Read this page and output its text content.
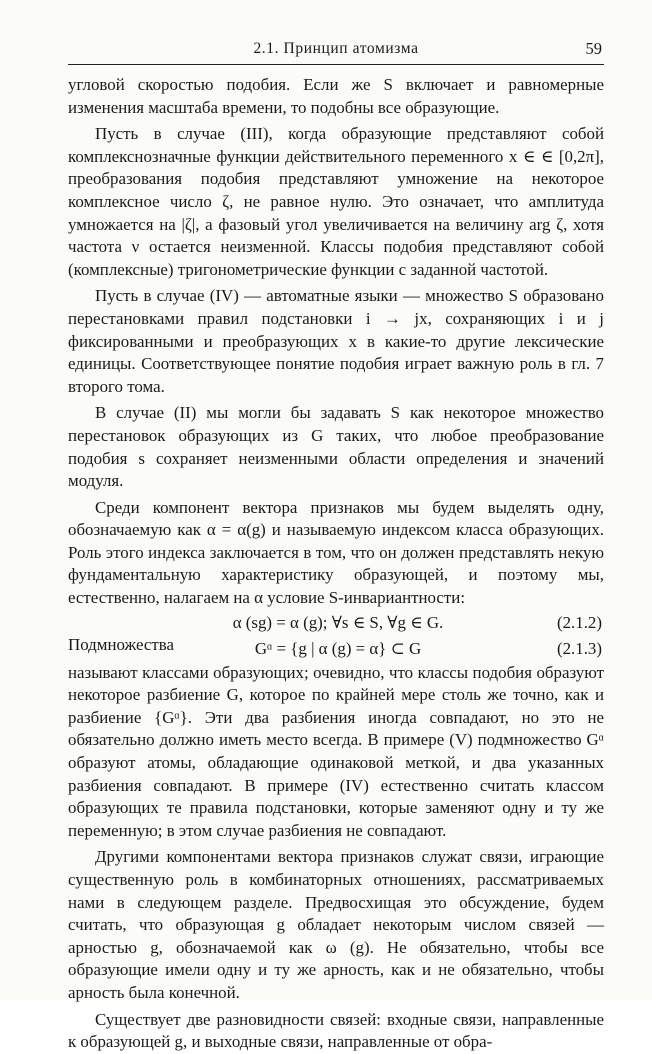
2.1. Принцип атомизма	59

угловой скоростью подобия. Если же S включает и равномерные изменения масштаба времени, то подобны все образующие.

Пусть в случае (III), когда образующие представляют собой комплекснозначные функции действительного переменного x ∈ ∈ [0,2π], преобразования подобия представляют умножение на некоторое комплексное число ζ, не равное нулю. Это означает, что амплитуда умножается на |ζ|, а фазовый угол увеличивается на величину arg ζ, хотя частота ν остается неизменной. Классы подобия представляют собой (комплексные) тригонометрические функции с заданной частотой.

Пусть в случае (IV) — автоматные языки — множество S образовано перестановками правил подстановки i → jx, сохраняющих i и j фиксированными и преобразующих x в какие-то другие лексические единицы. Соответствующее понятие подобия играет важную роль в гл. 7 второго тома.

В случае (II) мы могли бы задавать S как некоторое множество перестановок образующих из G таких, что любое преобразование подобия s сохраняет неизменными области определения и значений модуля.

Среди компонент вектора признаков мы будем выделять одну, обозначаемую как α = α(g) и называемую индексом класса образующих. Роль этого индекса заключается в том, что он должен представлять некую фундаментальную характеристику образующей, и поэтому мы, естественно, налагаем на α условие S-инвариантности:

α (sg) = α (g); ∀s ∈ S, ∀g ∈ G.	(2.1.2)
Подмножества	Gᵅ = {g | α (g) = α} ⊂ G	(2.1.3)

называют классами образующих; очевидно, что классы подобия образуют некоторое разбиение G, которое по крайней мере столь же точно, как и разбиение {Gᵅ}. Эти два разбиения иногда совпадают, но это не обязательно должно иметь место всегда. В примере (V) подмножество Gᵅ образуют атомы, обладающие одинаковой меткой, и два указанных разбиения совпадают. В примере (IV) естественно считать классом образующих те правила подстановки, которые заменяют одну и ту же переменную; в этом случае разбиения не совпадают.

Другими компонентами вектора признаков служат связи, играющие существенную роль в комбинаторных отношениях, рассматриваемых нами в следующем разделе. Предвосхищая это обсуждение, будем считать, что образующая g обладает некоторым числом связей — арностью g, обозначаемой как ω (g). Не обязательно, чтобы все образующие имели одну и ту же арность, как и не обязательно, чтобы арность была конечной.

Существует две разновидности связей: входные связи, направленные к образующей g, и выходные связи, направленные от обра-
